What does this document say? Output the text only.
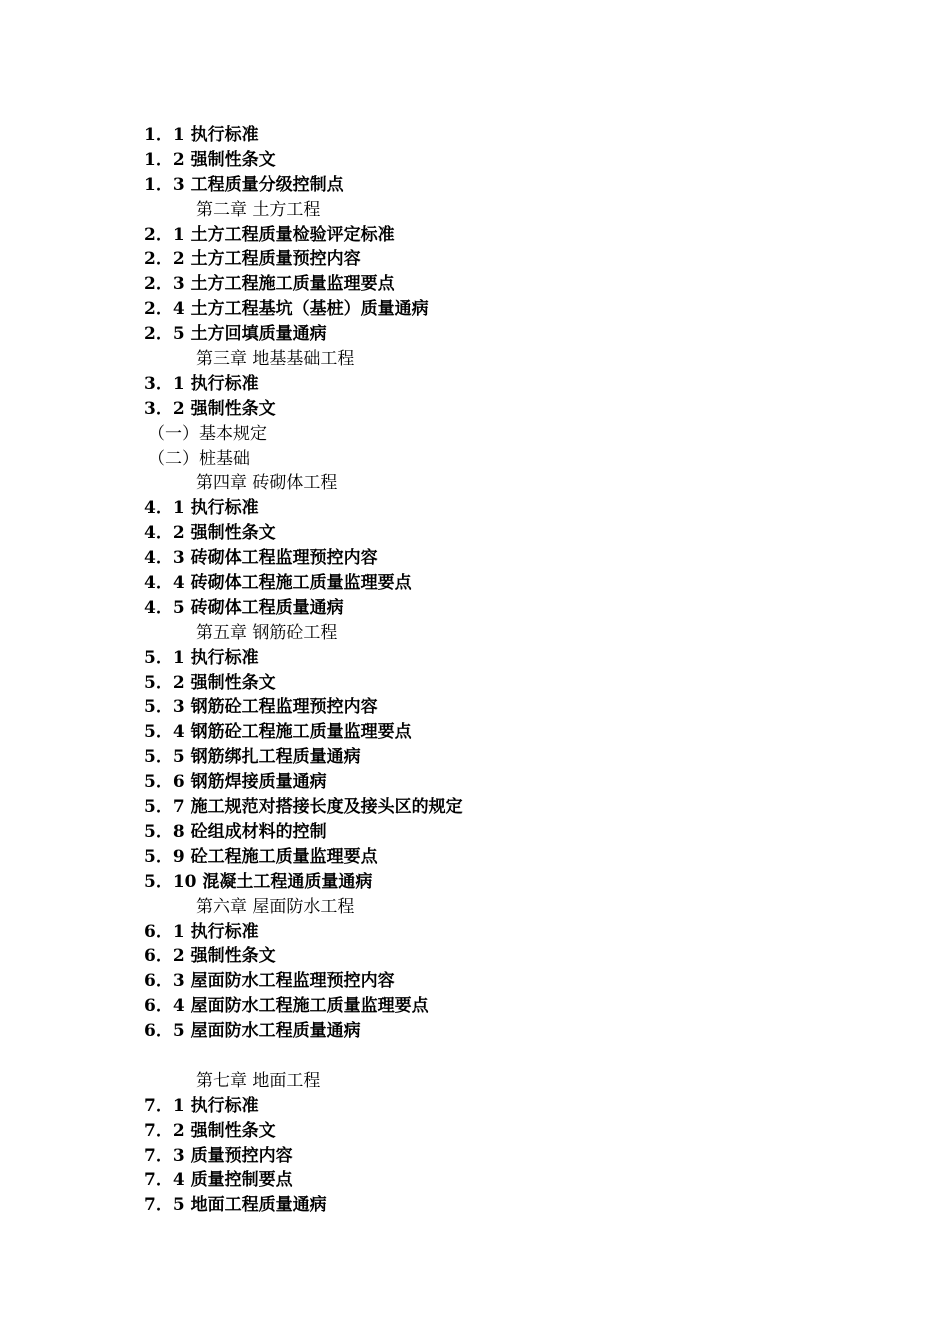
1．1 执行标准
1．2 强制性条文
1．3 工程质量分级控制点
第二章 土方工程
2．1 土方工程质量检验评定标准
2．2 土方工程质量预控内容
2．3 土方工程施工质量监理要点
2．4 土方工程基坑（基桩）质量通病
2．5 土方回填质量通病
第三章 地基基础工程
3．1 执行标准
3．2 强制性条文
（一）基本规定
（二）桩基础
第四章 砖砌体工程
4．1 执行标准
4．2 强制性条文
4．3 砖砌体工程监理预控内容
4．4 砖砌体工程施工质量监理要点
4．5 砖砌体工程质量通病
第五章 钢筋砼工程
5．1 执行标准
5．2 强制性条文
5．3 钢筋砼工程监理预控内容
5．4 钢筋砼工程施工质量监理要点
5．5 钢筋绑扎工程质量通病
5．6 钢筋焊接质量通病
5．7 施工规范对搭接长度及接头区的规定
5．8 砼组成材料的控制
5．9 砼工程施工质量监理要点
5．10 混凝土工程通质量通病
第六章 屋面防水工程
6．1 执行标准
6．2 强制性条文
6．3 屋面防水工程监理预控内容
6．4 屋面防水工程施工质量监理要点
6．5 屋面防水工程质量通病
第七章 地面工程
7．1 执行标准
7．2 强制性条文
7．3 质量预控内容
7．4 质量控制要点
7．5 地面工程质量通病
